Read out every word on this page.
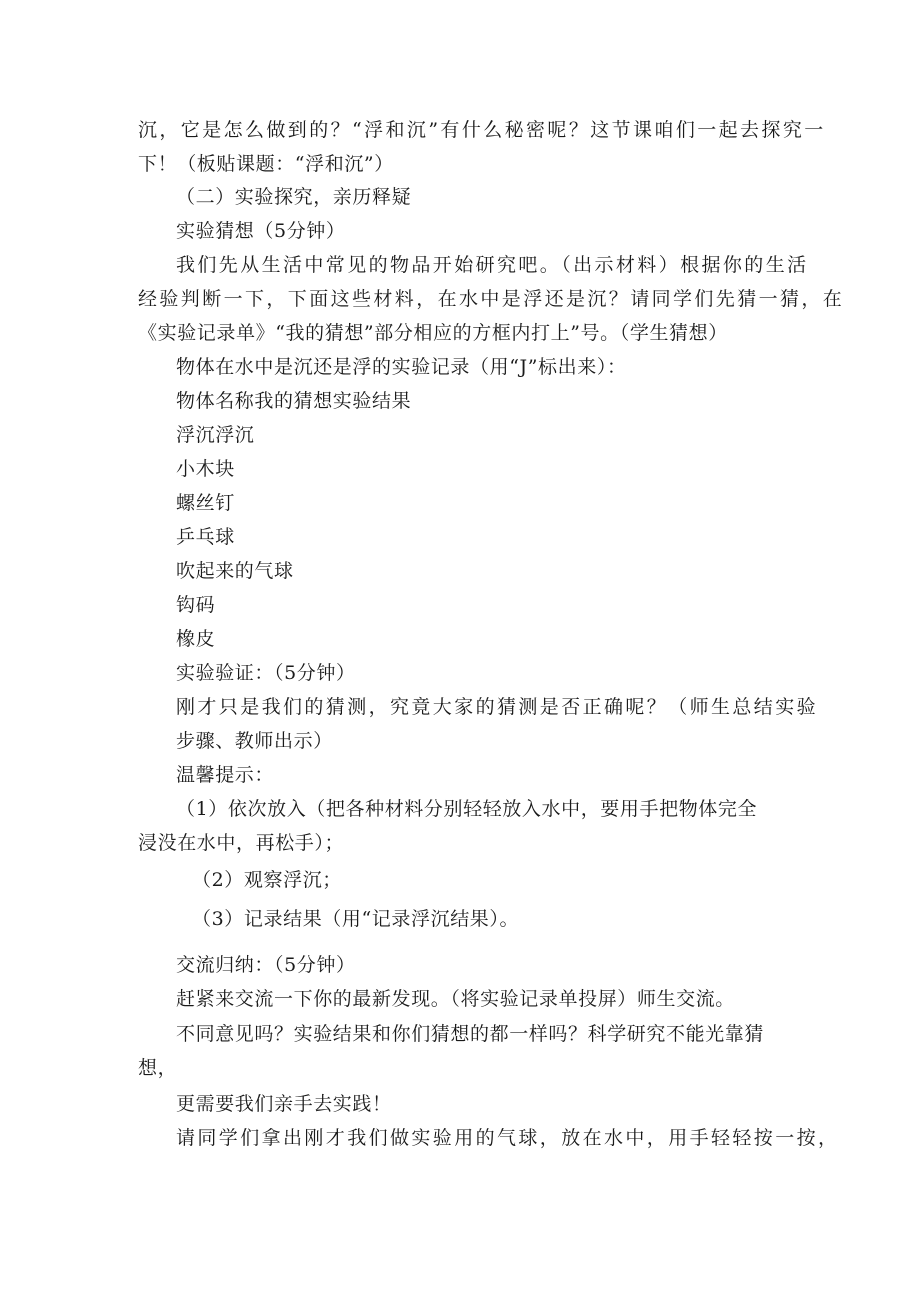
沉，它是怎么做到的？“浮和沉”有什么秘密呢？这节课咱们一起去探究一
下！（板贴课题：“浮和沉”）
（二）实验探究，亲历释疑
实验猜想（5分钟）
我们先从生活中常见的物品开始研究吧。（出示材料）根据你的生活
经验判断一下，下面这些材料，在水中是浮还是沉？请同学们先猜一猜，在
《实验记录单》“我的猜想”部分相应的方框内打上”号。（学生猜想）
物体在水中是沉还是浮的实验记录（用“J”标出来）：
物体名称我的猜想实验结果
浮沉浮沉
小木块
螺丝钉
乒乓球
吹起来的气球
钩码
橡皮
实验验证：（5分钟）
刚才只是我们的猜测，究竟大家的猜测是否正确呢？（师生总结实验
步骤、教师出示）
温馨提示：
（1）依次放入（把各种材料分别轻轻放入水中，要用手把物体完全
浸没在水中，再松手）；
（2）观察浮沉；
（3）记录结果（用“记录浮沉结果）。
交流归纳：（5分钟）
赶紧来交流一下你的最新发现。（将实验记录单投屏）师生交流。
不同意见吗？实验结果和你们猜想的都一样吗？科学研究不能光靠猜
想，
更需要我们亲手去实践！
请同学们拿出刚才我们做实验用的气球，放在水中，用手轻轻按一按，
